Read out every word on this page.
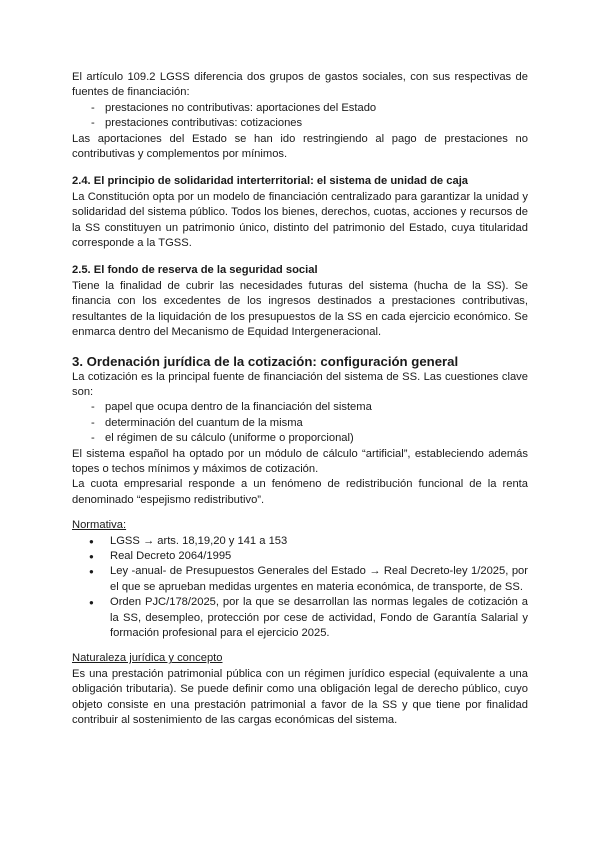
El artículo 109.2 LGSS diferencia dos grupos de gastos sociales, con sus respectivas de fuentes de financiación:

- prestaciones no contributivas: aportaciones del Estado
- prestaciones contributivas: cotizaciones

Las aportaciones del Estado se han ido restringiendo al pago de prestaciones no contributivas y complementos por mínimos.

2.4. El principio de solidaridad interterritorial: el sistema de unidad de caja

La Constitución opta por un modelo de financiación centralizado para garantizar la unidad y solidaridad del sistema público. Todos los bienes, derechos, cuotas, acciones y recursos de la SS constituyen un patrimonio único, distinto del patrimonio del Estado, cuya titularidad corresponde a la TGSS.

2.5. El fondo de reserva de la seguridad social

Tiene la finalidad de cubrir las necesidades futuras del sistema (hucha de la SS). Se financia con los excedentes de los ingresos destinados a prestaciones contributivas, resultantes de la liquidación de los presupuestos de la SS en cada ejercicio económico. Se enmarca dentro del Mecanismo de Equidad Intergeneracional.

3. Ordenación jurídica de la cotización: configuración general

La cotización es la principal fuente de financiación del sistema de SS. Las cuestiones clave son:

- papel que ocupa dentro de la financiación del sistema
- determinación del cuantum de la misma
- el régimen de su cálculo (uniforme o proporcional)

El sistema español ha optado por un módulo de cálculo “artificial”, estableciendo además topes o techos mínimos y máximos de cotización.

La cuota empresarial responde a un fenómeno de redistribución funcional de la renta denominado “espejismo redistributivo”.

Normativa:

● LGSS → arts. 18,19,20 y 141 a 153
● Real Decreto 2064/1995
● Ley -anual- de Presupuestos Generales del Estado → Real Decreto-ley 1/2025, por el que se aprueban medidas urgentes en materia económica, de transporte, de SS.
● Orden PJC/178/2025, por la que se desarrollan las normas legales de cotización a la SS, desempleo, protección por cese de actividad, Fondo de Garantía Salarial y formación profesional para el ejercicio 2025.

Naturaleza jurídica y concepto

Es una prestación patrimonial pública con un régimen jurídico especial (equivalente a una obligación tributaria). Se puede definir como una obligación legal de derecho público, cuyo objeto consiste en una prestación patrimonial a favor de la SS y que tiene por finalidad contribuir al sostenimiento de las cargas económicas del sistema.
